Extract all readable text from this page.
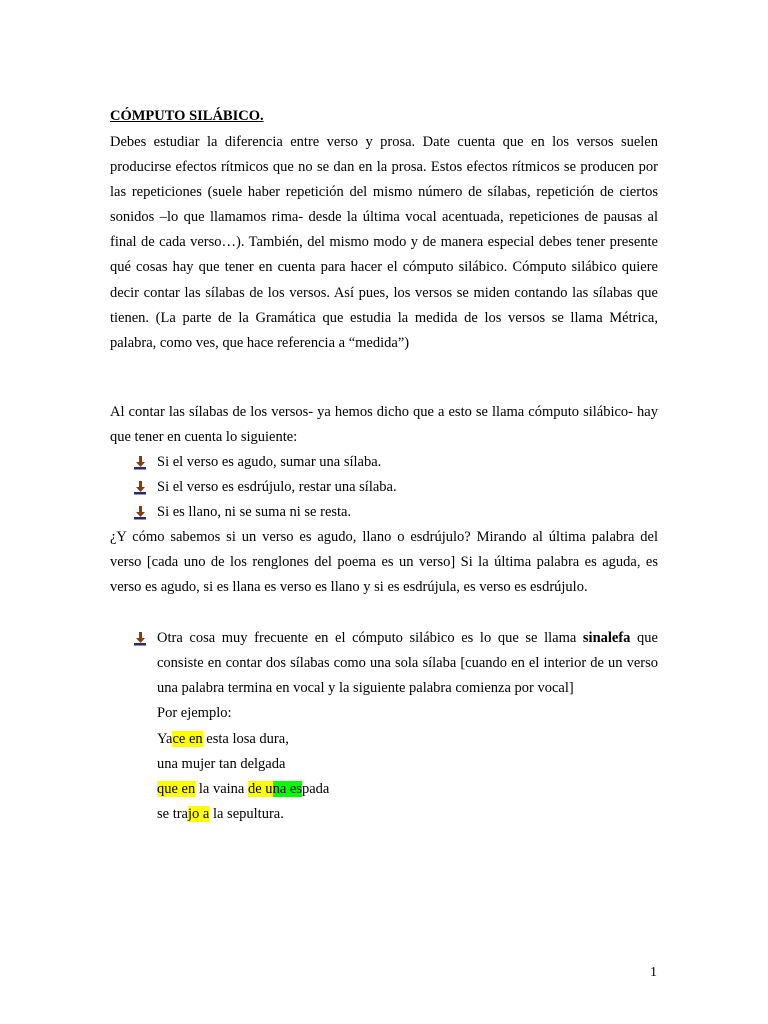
CÓMPUTO SILÁBICO.

Debes estudiar la diferencia entre verso y prosa. Date cuenta que en los versos suelen producirse efectos rítmicos que no se dan en la prosa. Estos efectos rítmicos se producen por las repeticiones (suele haber repetición del mismo número de sílabas, repetición de ciertos sonidos –lo que llamamos rima- desde la última vocal acentuada, repeticiones de pausas al final de cada verso…). También, del mismo modo y de manera especial debes tener presente qué cosas hay que tener en cuenta para hacer el cómputo silábico. Cómputo silábico quiere decir contar las sílabas de los versos. Así pues, los versos se miden contando las sílabas que tienen. (La parte de la Gramática que estudia la medida de los versos se llama Métrica, palabra, como ves, que hace referencia a “medida”)

Al contar las sílabas de los versos- ya hemos dicho que a esto se llama cómputo silábico- hay que tener en cuenta lo siguiente:

Si el verso es agudo, sumar una sílaba.
Si el verso es esdrújulo, restar una sílaba.
Si es llano, ni se suma ni se resta.

¿Y cómo sabemos si un verso es agudo, llano o esdrújulo? Mirando al última palabra del verso [cada uno de los renglones del poema es un verso] Si la última palabra es aguda, es verso es agudo, si es llana es verso es llano y si es esdrújula, es verso es esdrújulo.

Otra cosa muy frecuente en el cómputo silábico es lo que se llama sinalefa que consiste en contar dos sílabas como una sola sílaba [cuando en el interior de un verso una palabra termina en vocal y la siguiente palabra comienza por vocal]
Por ejemplo:
Yace en esta losa dura,
una mujer tan delgada
que en la vaina de una espada
se trajo a la sepultura.
1
